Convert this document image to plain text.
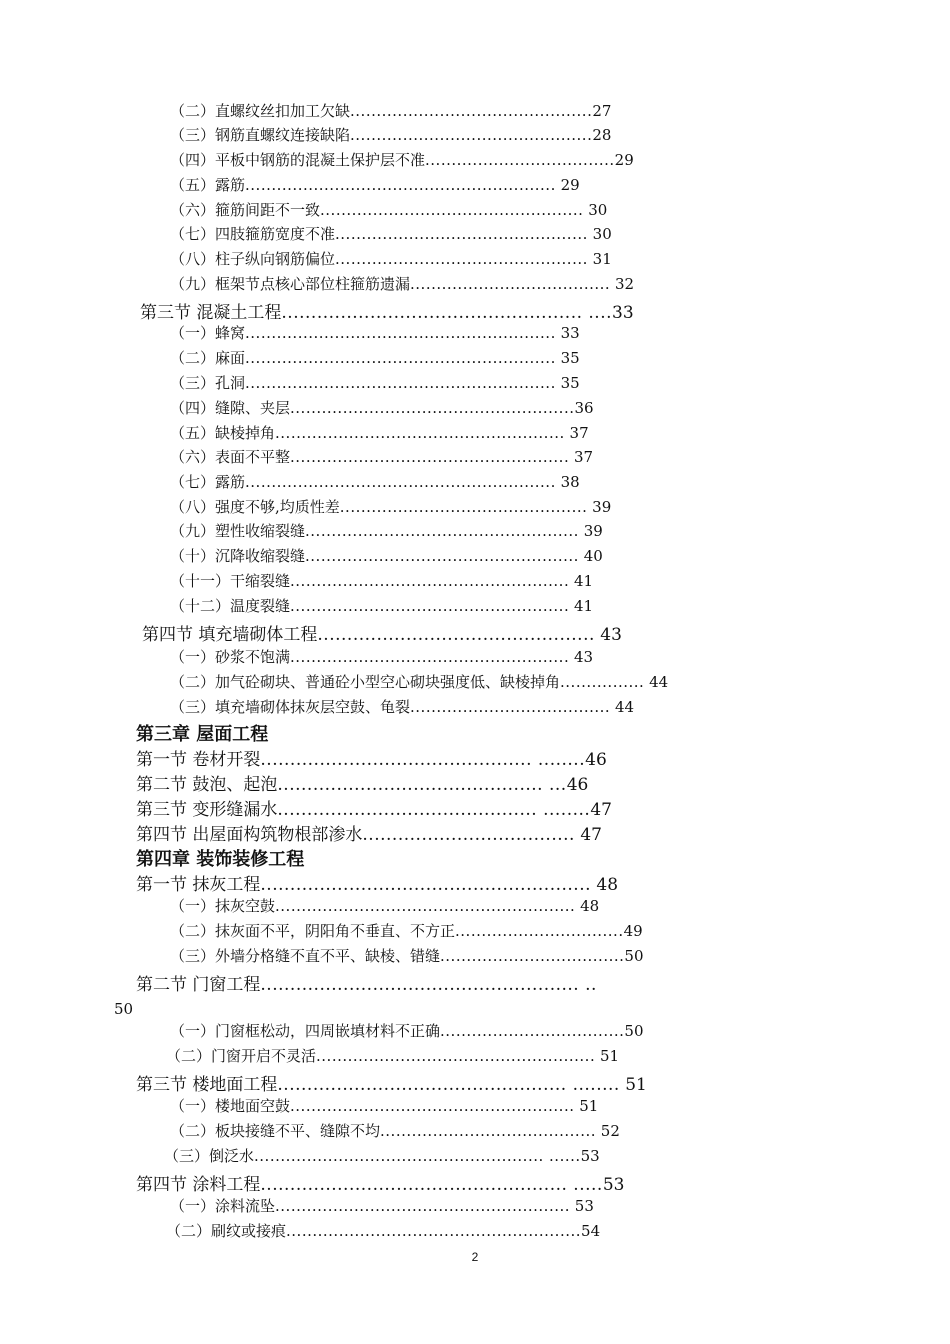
（二）直螺纹丝扣加工欠缺..............................................27
（三）钢筋直螺纹连接缺陷..............................................28
（四）平板中钢筋的混凝土保护层不准....................................29
（五）露筋........................................................... 29
（六）箍筋间距不一致.................................................. 30
（七）四肢箍筋宽度不准................................................ 30
（八）柱子纵向钢筋偏位................................................ 31
（九）框架节点核心部位柱箍筋遗漏...................................... 32
第三节 混凝土工程................................................... ....33
（一）蜂窝........................................................... 33
（二）麻面........................................................... 35
（三）孔洞........................................................... 35
（四）缝隙、夹层......................................................36
（五）缺棱掉角....................................................... 37
（六）表面不平整..................................................... 37
（七）露筋........................................................... 38
（八）强度不够,均质性差............................................... 39
（九）塑性收缩裂缝.................................................... 39
（十）沉降收缩裂缝.................................................... 40
（十一）干缩裂缝..................................................... 41
（十二）温度裂缝..................................................... 41
第四节 填充墙砌体工程............................................... 43
（一）砂浆不饱满..................................................... 43
（二）加气砼砌块、普通砼小型空心砌块强度低、缺棱掉角................ 44
（三）填充墙砌体抹灰层空鼓、龟裂...................................... 44
第三章 屋面工程
第一节 卷材开裂.............................................. ........46
第二节 鼓泡、起泡............................................. ...46
第三节 变形缝漏水............................................ ........47
第四节 出屋面构筑物根部渗水.................................... 47
第四章 装饰装修工程
第一节 抹灰工程........................................................ 48
（一）抹灰空鼓......................................................... 48
（二）抹灰面不平，阴阳角不垂直、不方正................................49
（三）外墙分格缝不直不平、缺棱、错缝...................................50
第二节 门窗工程...................................................... ..
（一）门窗框松动，四周嵌填材料不正确...................................50
（二）门窗开启不灵活..................................................... 51
第三节 楼地面工程................................................. ........ 51
（一）楼地面空鼓...................................................... 51
（二）板块接缝不平、缝隙不均......................................... 52
（三）倒泛水....................................................... ......53
第四节 涂料工程.................................................... .....53
（一）涂料流坠........................................................ 53
（二）刷纹或接痕........................................................54
50
2
